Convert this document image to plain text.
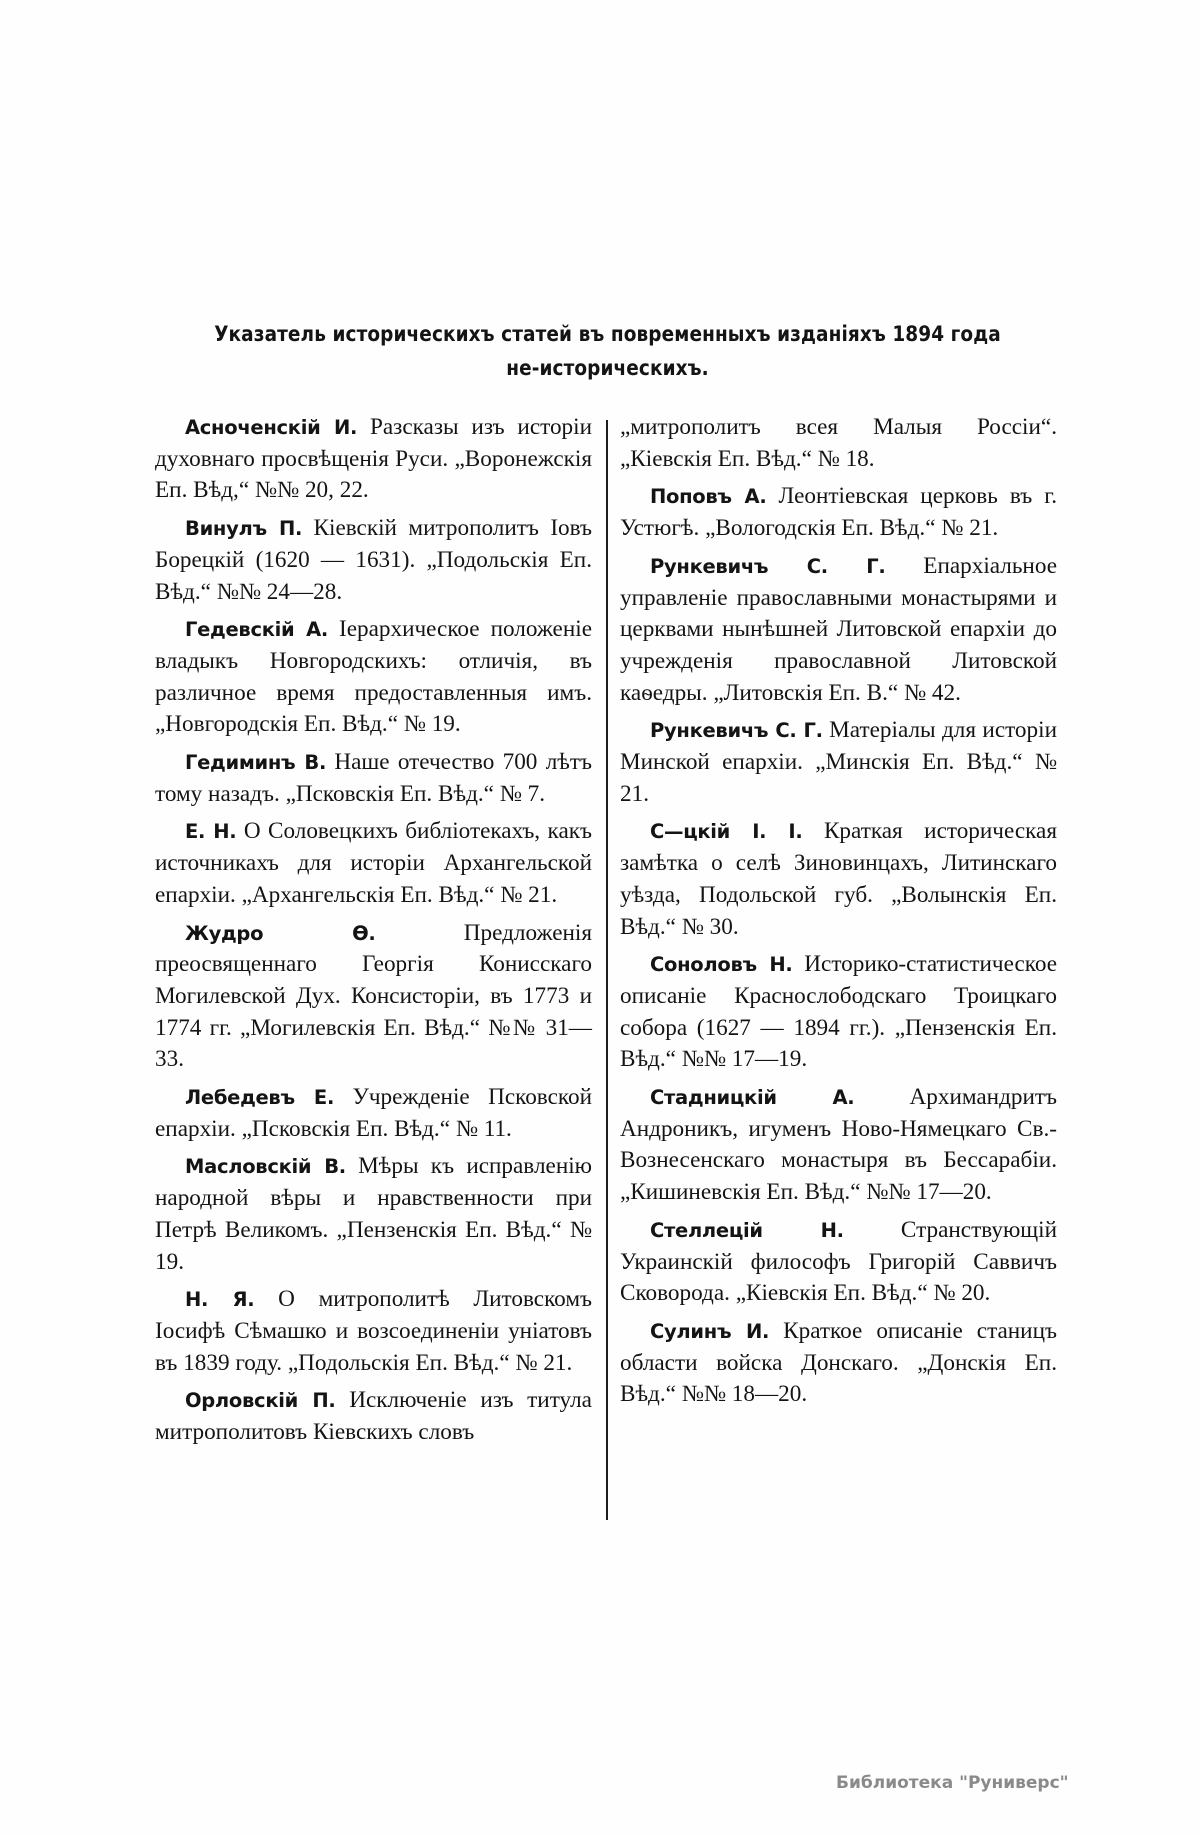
Указатель историческихъ статей въ повременныхъ изданіяхъ 1894 года
не-историческихъ.

Асноченскій И. Разсказы изъ исторіи духовнаго просвѣщенія Руси. „Воронежскія Еп. Вѣд,“ №№ 20, 22.

Винулъ П. Кіевскій митрополитъ Іовъ Борецкій (1620 — 1631). „Подольскія Еп. Вѣд.“ №№ 24—28.

Гедевскій А. Іерархическое положеніе владыкъ Новгородскихъ: отличія, въ различное время предоставленныя имъ. „Новгородскія Еп. Вѣд.“ № 19.

Гедиминъ В. Наше отечество 700 лѣтъ тому назадъ. „Псковскія Еп. Вѣд.“ № 7.

Е. Н. О Соловецкихъ библіотекахъ, какъ источникахъ для исторіи Архангельской епархіи. „Архангельскія Еп. Вѣд.“ № 21.

Жудро Ѳ. Предложенія преосвященнаго Георгія Конисскаго Могилевской Дух. Консисторіи, въ 1773 и 1774 гг. „Могилевскія Еп. Вѣд.“ №№ 31—33.

Лебедевъ Е. Учрежденіе Псковской епархіи. „Псковскія Еп. Вѣд.“ № 11.

Масловскій В. Мѣры къ исправленію народной вѣры и нравственности при Петрѣ Великомъ. „Пензенскія Еп. Вѣд.“ № 19.

Н. Я. О митрополитѣ Литовскомъ Іосифѣ Сѣмашко и возсоединеніи уніатовъ въ 1839 году. „Подольскія Еп. Вѣд.“ № 21.

Орловскій П. Исключеніе изъ титула митрополитовъ Кіевскихъ словъ

„митрополитъ всея Малыя Россіи“. „Кіевскія Еп. Вѣд.“ № 18.

Поповъ А. Леонтіевская церковь въ г. Устюгѣ. „Вологодскія Еп. Вѣд.“ № 21.

Рункевичъ С. Г. Епархіальное управленіе православными монастырями и церквами нынѣшней Литовской епархіи до учрежденія православной Литовской каѳедры. „Литовскія Еп. В.“ № 42.

Рункевичъ С. Г. Матеріалы для исторіи Минской епархіи. „Минскія Еп. Вѣд.“ № 21.

С—цкій І. І. Краткая историческая замѣтка о селѣ Зиновинцахъ, Литинскаго уѣзда, Подольской губ. „Волынскія Еп. Вѣд.“ № 30.

Соноловъ Н. Историко-статистическое описаніе Краснослободскаго Троицкаго собора (1627 — 1894 гг.). „Пензенскія Еп. Вѣд.“ №№ 17—19.

Стадницкій А. Архимандритъ Андроникъ, игуменъ Ново-Нямецкаго Св.-Вознесенскаго монастыря въ Бессарабіи. „Кишиневскія Еп. Вѣд.“ №№ 17—20.

Стеллецій Н. Странствующій Украинскій философъ Григорій Саввичъ Сковорода. „Кіевскія Еп. Вѣд.“ № 20.

Сулинъ И. Краткое описаніе станицъ области войска Донскаго. „Донскія Еп. Вѣд.“ №№ 18—20.

Библиотека "Руниверс"
